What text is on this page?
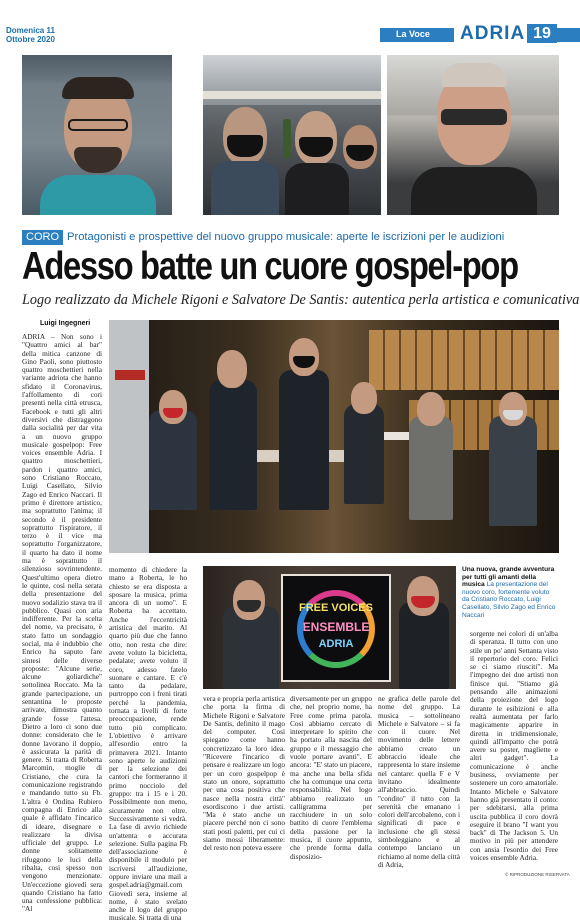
Domenica 11
Ottobre 2020
La Voce	ADRIA 19
CORO Protagonisti e prospettive del nuovo gruppo musicale: aperte le iscrizioni per le audizioni
Adesso batte un cuore gospel-pop
Logo realizzato da Michele Rigoni e Salvatore De Santis: autentica perla artistica e comunicativa
Luigi Ingegneri
Una nuova, grande avventura per tutti gli amanti della musica La presentazione del nuovo coro, fortemente voluto da Cristiano Roccato, Luigi Casellato, Silvio Zago ed Enrico Naccari
FREE VOICES
ENSEMBLE
ADRIA
ADRIA – Non sono i "Quattro amici al bar" della mitica canzone di Gino Paoli, sono piuttosto quattro moschettieri nella variante adriota che hanno sfidato il Coronavirus, l'affollamento di cori presenti nella città etrusca, Facebook e tutti gli altri diversivi che distraggono dalla socialità per dar vita a un nuovo gruppo musicale gospelpop: Free voices ensemble Adria. I quattro moschettieri, pardon i quattro amici, sono Cristiano Roccato, Luigi Casellato, Silvio Zago ed Enrico Naccari. Il primo è direttore artistico, ma soprattutto l'anima; il secondo è il presidente soprattutto l'ispiratore, il terzo è il vice ma soprattutto l'organizzatore, il quarto ha dato il nome ma è soprattutto il silenzioso sovrintendente. Quest'ultimo opera dietro le quinte, così nella serata della presentazione del nuovo sodalizio stava tra il pubblico. Quasi con aria indifferente. Per la scelta del nome, va precisato, è stato fatto un sondaggio social, ma è indubbio che Enrico ha saputo fare sintesi delle diverse proposte: "Alcune serie, alcune goliardiche" sottolinea Roccato. Ma la grande partecipazione, un sentantina le proposte arrivate, dimostra quanto grande fosse l'attesa. Dietro a loro ci sono due donne: considerato che le donne lavorano il doppio, è assicurata la parità di genere. Si tratta di Roberta Marcomin, moglie di Cristiano, che cura la comunicazione registrando e mandando tutto su Fb. L'altra è Ondina Rubiero compagna di Enrico alla quale è affidato l'incarico di ideare, disegnare e realizzare la divisa ufficiale del gruppo. Le donne solitamente rifuggono le luci della ribalta, così spesso non vengono menzionate. Un'eccezione giovedì sera quando Cristiano ha fatto una confessione pubblica: "Al
momento di chiedere la mano a Roberta, le ho chiesto se era disposta a sposare la musica, prima ancora di un uomo". E Roberta ha accettato. Anche l'eccentricità artistica del marito. Al quarto più due che fanno otto, non resta che dire: avete voluto la bicicletta, pedalate; avete voluto il coro, adesso fatelo suonare e cantare. E c'è tanto da pedalare, purtroppo con i freni tirati perché la pandemia, tornata a livelli di forte preoccupazione, rende tutto più complicato. L'obiettivo è arrivare all'esordio entro la primavera 2021. Intanto sono aperte le audizioni per la selezione dei cantori che formeranno il primo nocciolo del gruppo: tra i 15 e i 20. Possibilmente non meno, sicuramente non oltre. Successivamente si vedrà. La fase di avvio richiede un'attenta e accurata selezione. Sulla pagina Fb dell'associazione è disponibile il modulo per iscriversi all'audizione, oppure inviare una mail a gospel.adria@gmail.com Giovedì sera, insieme al nome, è stato svelato anche il logo del gruppo musicale. Si tratta di una
vera e propria perla artistica che porta la firma di Michele Rigoni e Salvatore De Santis, definito il mago del computer. Così spiegano come hanno concretizzato la loro idea. "Ricevere l'incarico di pensare e realizzare un logo per un coro gospelpop è stato un onore, soprattutto per una cosa positiva che nasce nella nostra città" esordiscono i due artisti. "Ma è stato anche un piacere perché non ci sono stati posti paletti, per cui ci siamo mossi liberamente: del resto non poteva essere
diversamente per un gruppo che, nel proprio nome, ha Free come prima parola. Così abbiamo cercato di interpretare lo spirito che ha portato alla nascita del gruppo e il messaggio che vuole portare avanti". E ancora: "E' stato un piacere, ma anche una bella sfida che ha comunque una certa responsabilità. Nel logo abbiamo realizzato un calligramma per racchiudere in un solo battito di cuore l'emblema della passione per la musica, il cuore appunto, che prende forma dalla disposizio-
ne grafica delle parole del nome del gruppo. La musica – sottolineano Michele e Salvatore – si fa con il cuore. Nel movimento delle lettere abbiamo creato un abbraccio ideale che rappresenta lo stare insieme nel cantare: quella F e V invitano idealmente all'abbraccio. Quindi "condito" il tutto con la serenità che emanano i colori dell'arcobaleno, con i significati di pace e inclusione che gli stessi simboleggiano e al contempo lanciano un richiamo al nome della città di Adria,
sorgente nei colori di un'alba di speranza. Il tutto con uno stile un po' anni Settanta visto il repertorio del coro. Felici se ci siamo riusciti". Ma l'impegno dei due artisti non finisce qui. "Stiamo già pensando alle animazioni della proiezione del logo durante le esibizioni e alla realtà aumentata per farlo magicamente apparire in diretta in tridimensionale, quindi all'impatto che potrà avere su poster, magliette e altri gadget". La comunicazione è anche business, ovviamente per sostenere un coro amatoriale. Intanto Michele e Salvatore hanno già presentato il conto: per sdebitarsi, alla prima uscita pubblica il coro dovrà eseguire il brano "I want you back" di The Jackson 5. Un motivo in più per attendere con ansia l'esordio dei Free voices ensemble Adria.
© RIPRODUZIONE RISERVATA
